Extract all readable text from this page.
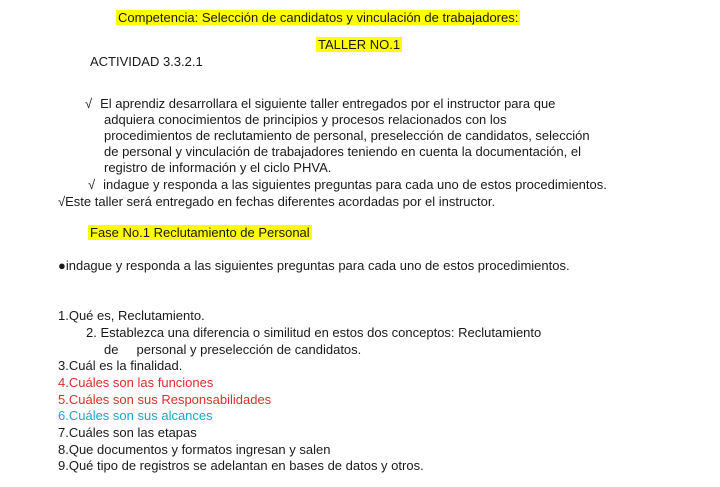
Competencia: Selección de candidatos y vinculación de trabajadores:
TALLER NO.1
ACTIVIDAD 3.3.2.1
√ El aprendiz desarrollara el siguiente taller entregados por el instructor para que
adquiera conocimientos de principios y procesos relacionados con los
procedimientos de reclutamiento de personal, preselección de candidatos, selección
de personal y vinculación de trabajadores teniendo en cuenta la documentación, el
registro de información y el ciclo PHVA.
√ indague y responda a las siguientes preguntas para cada uno de estos procedimientos.
√Este taller será entregado en fechas diferentes acordadas por el instructor.
Fase No.1 Reclutamiento de Personal
●indague y responda a las siguientes preguntas para cada uno de estos procedimientos.
1.Qué es, Reclutamiento.
2. Establezca una diferencia o similitud en estos dos conceptos: Reclutamiento
de     personal y preselección de candidatos.
3.Cuál es la finalidad.
4.Cuáles son las funciones
5.Cuáles son sus Responsabilidades
6.Cuáles son sus alcances
7.Cuáles son las etapas
8.Que documentos y formatos ingresan y salen
9.Qué tipo de registros se adelantan en bases de datos y otros.
